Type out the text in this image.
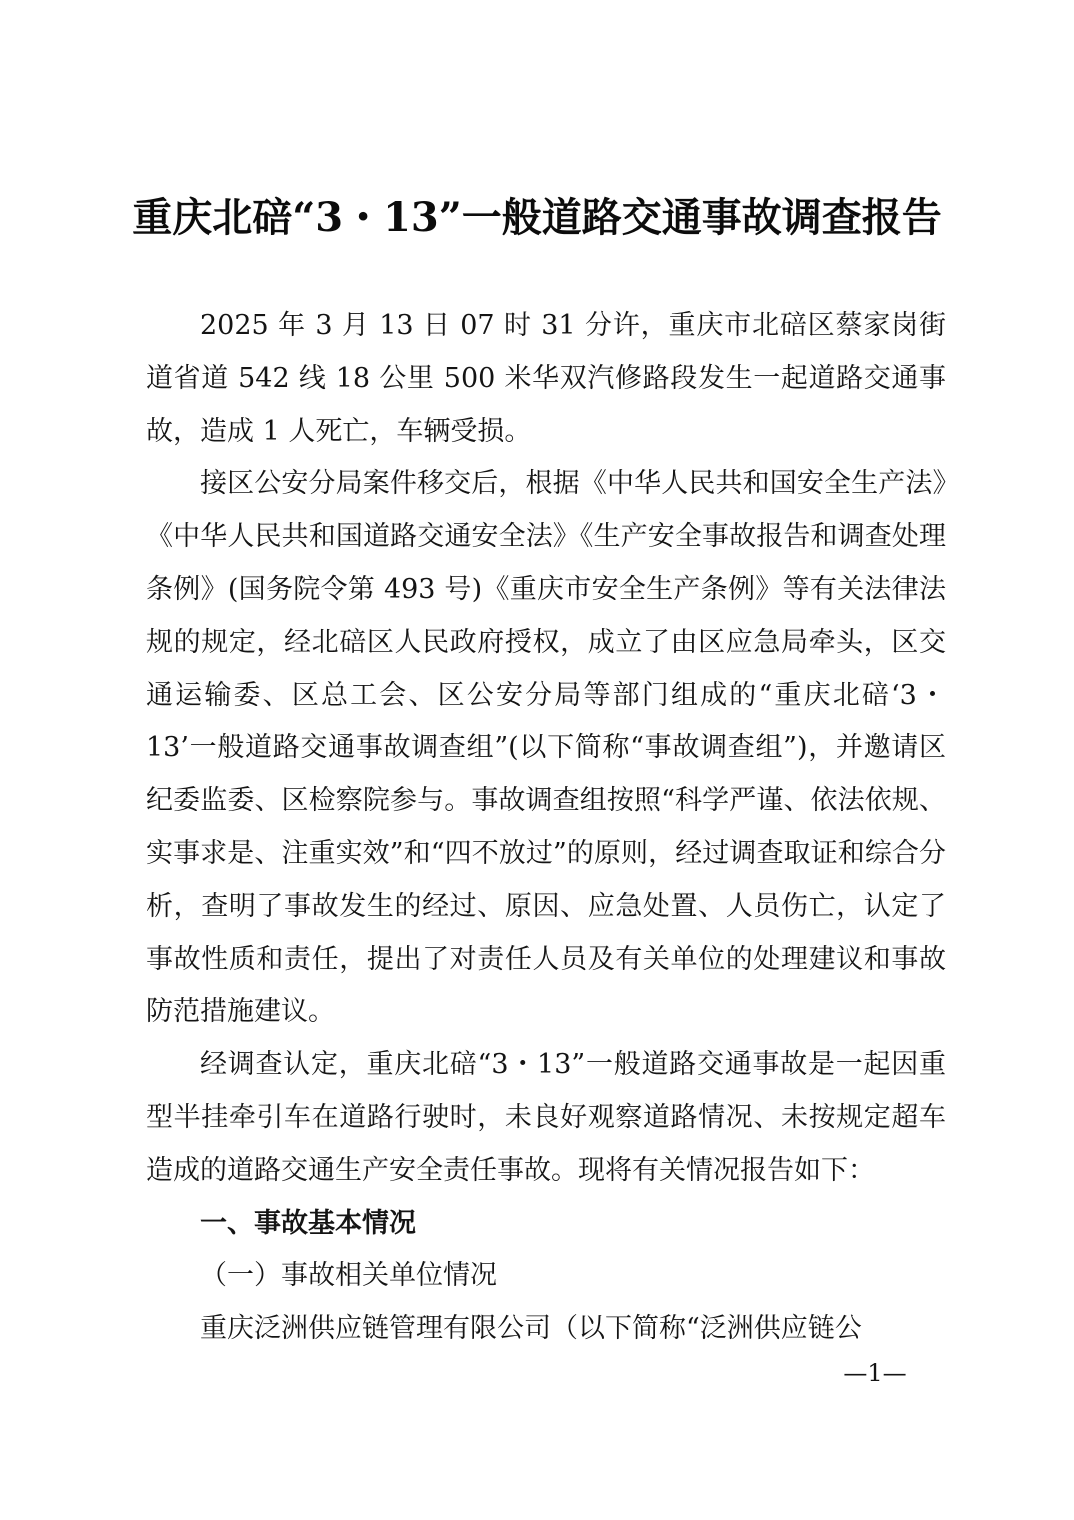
重庆北碚“3・13”一般道路交通事故调查报告

2025 年 3 月 13 日 07 时 31 分许，重庆市北碚区蔡家岗街道省道 542 线 18 公里 500 米华双汽修路段发生一起道路交通事故，造成 1 人死亡，车辆受损。

接区公安分局案件移交后，根据《中华人民共和国安全生产法》《中华人民共和国道路交通安全法》《生产安全事故报告和调查处理条例》(国务院令第 493 号)《重庆市安全生产条例》等有关法律法规的规定，经北碚区人民政府授权，成立了由区应急局牵头，区交通运输委、区总工会、区公安分局等部门组成的“重庆北碚‘3・13’一般道路交通事故调查组”(以下简称“事故调查组”)，并邀请区纪委监委、区检察院参与。事故调查组按照“科学严谨、依法依规、实事求是、注重实效”和“四不放过”的原则，经过调查取证和综合分析，查明了事故发生的经过、原因、应急处置、人员伤亡，认定了事故性质和责任，提出了对责任人员及有关单位的处理建议和事故防范措施建议。

经调查认定，重庆北碚“3・13”一般道路交通事故是一起因重型半挂牵引车在道路行驶时，未良好观察道路情况、未按规定超车造成的道路交通生产安全责任事故。现将有关情况报告如下：

一、事故基本情况

（一）事故相关单位情况

重庆泛洲供应链管理有限公司（以下简称“泛洲供应链公

—1—
